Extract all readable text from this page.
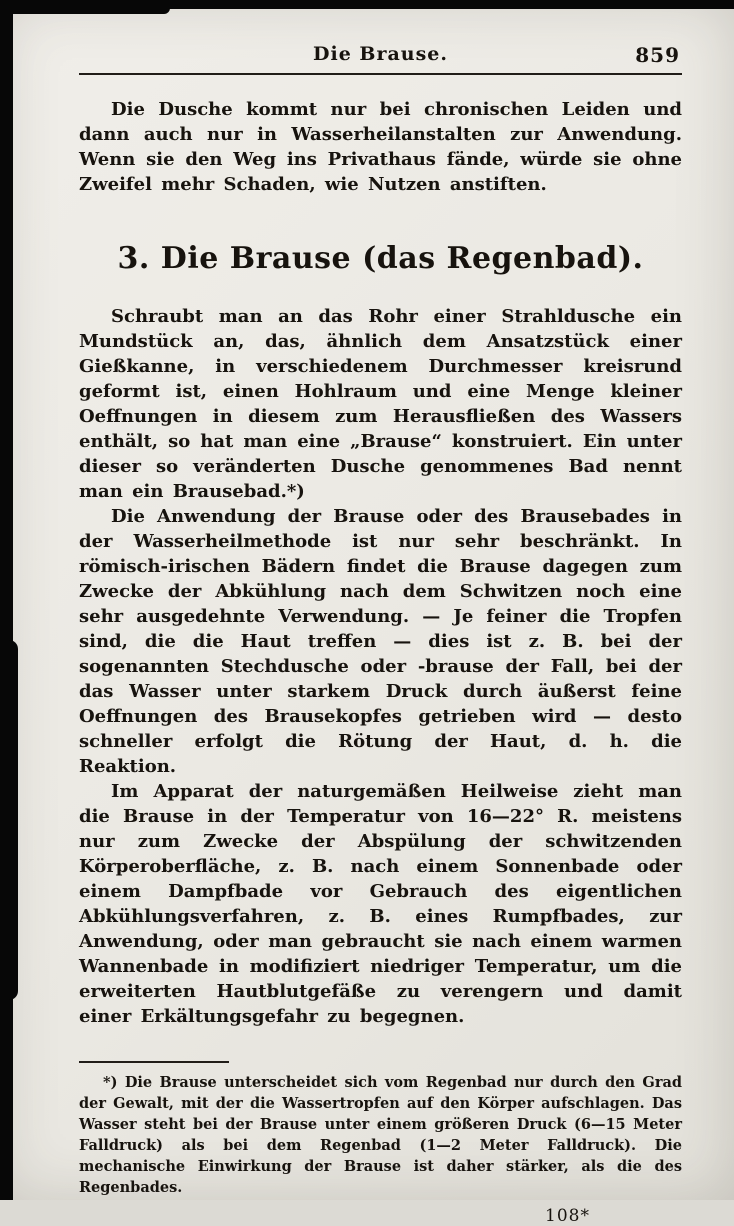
Die Brause.	859

Die Dusche kommt nur bei chronischen Leiden und dann auch nur in Wasserheilanstalten zur Anwendung. Wenn sie den Weg ins Privathaus fände, würde sie ohne Zweifel mehr Schaden, wie Nutzen anstiften.

3. Die Brause (das Regenbad).

Schraubt man an das Rohr einer Strahldusche ein Mundstück an, das, ähnlich dem Ansatzstück einer Gießkanne, in verschiedenem Durchmesser kreisrund geformt ist, einen Hohlraum und eine Menge kleiner Oeffnungen in diesem zum Herausfließen des Wassers enthält, so hat man eine „Brause“ konstruiert. Ein unter dieser so veränderten Dusche genommenes Bad nennt man ein Brausebad.*)

Die Anwendung der Brause oder des Brausebades in der Wasserheilmethode ist nur sehr beschränkt. In römisch-irischen Bädern findet die Brause dagegen zum Zwecke der Abkühlung nach dem Schwitzen noch eine sehr ausgedehnte Verwendung. — Je feiner die Tropfen sind, die die Haut treffen — dies ist z. B. bei der sogenannten Stechdusche oder -brause der Fall, bei der das Wasser unter starkem Druck durch äußerst feine Oeffnungen des Brausekopfes getrieben wird — desto schneller erfolgt die Rötung der Haut, d. h. die Reaktion.

Im Apparat der naturgemäßen Heilweise zieht man die Brause in der Temperatur von 16—22° R. meistens nur zum Zwecke der Abspülung der schwitzenden Körperoberfläche, z. B. nach einem Sonnenbade oder einem Dampfbade vor Gebrauch des eigentlichen Abkühlungsverfahren, z. B. eines Rumpfbades, zur Anwendung, oder man gebraucht sie nach einem warmen Wannenbade in modifiziert niedriger Temperatur, um die erweiterten Hautblutgefäße zu verengern und damit einer Erkältungsgefahr zu begegnen.

*) Die Brause unterscheidet sich vom Regenbad nur durch den Grad der Gewalt, mit der die Wassertropfen auf den Körper aufschlagen. Das Wasser steht bei der Brause unter einem größeren Druck (6—15 Meter Falldruck) als bei dem Regenbad (1—2 Meter Falldruck). Die mechanische Einwirkung der Brause ist daher stärker, als die des Regenbades.

108*
